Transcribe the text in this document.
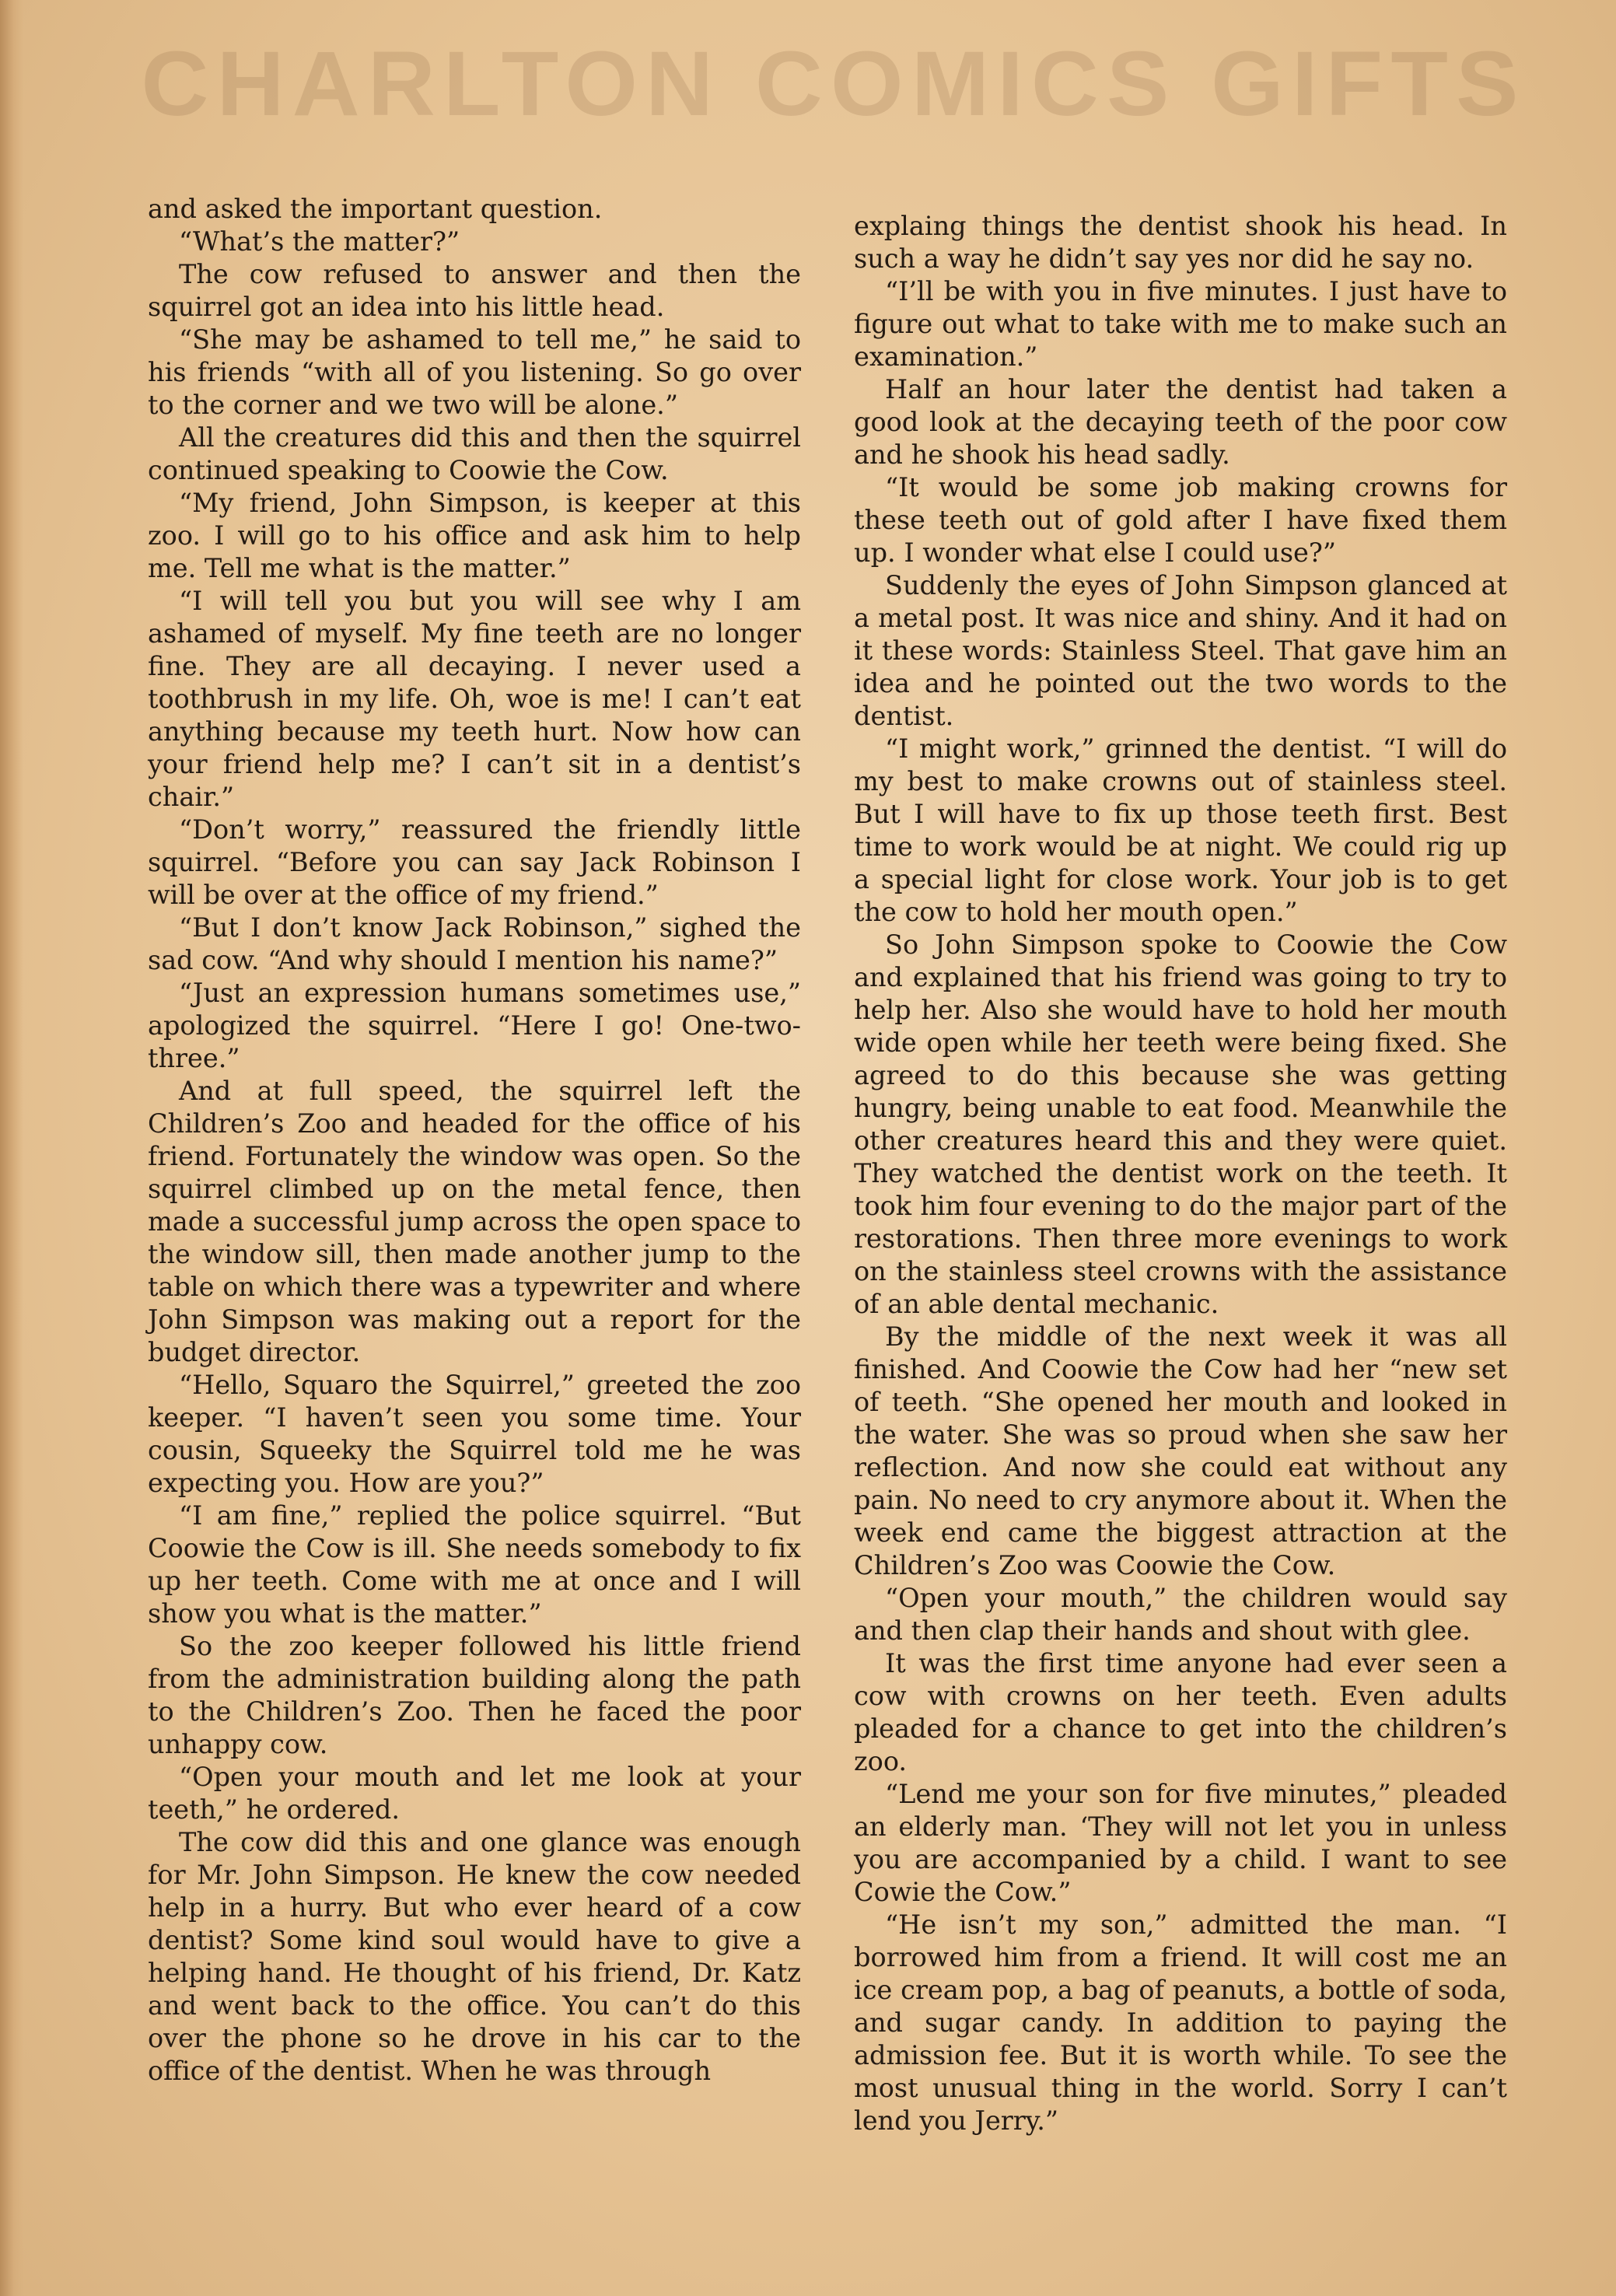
CHARLTON COMICS GIFTS

and asked the important question.

“What’s the matter?”

The cow refused to answer and then the squirrel got an idea into his little head.

“She may be ashamed to tell me,” he said to his friends “with all of you listening. So go over to the corner and we two will be alone.”

All the creatures did this and then the squirrel continued speaking to Coowie the Cow.

“My friend, John Simpson, is keeper at this zoo. I will go to his office and ask him to help me. Tell me what is the matter.”

“I will tell you but you will see why I am ashamed of myself. My fine teeth are no longer fine. They are all decaying. I never used a toothbrush in my life. Oh, woe is me! I can’t eat anything because my teeth hurt. Now how can your friend help me? I can’t sit in a dentist’s chair.”

“Don’t worry,” reassured the friendly little squirrel. “Before you can say Jack Robinson I will be over at the office of my friend.”

“But I don’t know Jack Robinson,” sighed the sad cow. “And why should I mention his name?”

“Just an expression humans sometimes use,” apologized the squirrel. “Here I go! One-two-three.”

And at full speed, the squirrel left the Children’s Zoo and headed for the office of his friend. Fortunately the window was open. So the squirrel climbed up on the metal fence, then made a successful jump across the open space to the window sill, then made another jump to the table on which there was a typewriter and where John Simpson was making out a report for the budget director.

“Hello, Squaro the Squirrel,” greeted the zoo keeper. “I haven’t seen you some time. Your cousin, Squeeky the Squirrel told me he was expecting you. How are you?”

“I am fine,” replied the police squirrel. “But Coowie the Cow is ill. She needs somebody to fix up her teeth. Come with me at once and I will show you what is the matter.”

So the zoo keeper followed his little friend from the administration building along the path to the Children’s Zoo. Then he faced the poor unhappy cow.

“Open your mouth and let me look at your teeth,” he ordered.

The cow did this and one glance was enough for Mr. John Simpson. He knew the cow needed help in a hurry. But who ever heard of a cow dentist? Some kind soul would have to give a helping hand. He thought of his friend, Dr. Katz and went back to the office. You can’t do this over the phone so he drove in his car to the office of the dentist. When he was through

explaing things the dentist shook his head. In such a way he didn’t say yes nor did he say no.

“I’ll be with you in five minutes. I just have to figure out what to take with me to make such an examination.”

Half an hour later the dentist had taken a good look at the decaying teeth of the poor cow and he shook his head sadly.

“It would be some job making crowns for these teeth out of gold after I have fixed them up. I wonder what else I could use?”

Suddenly the eyes of John Simpson glanced at a metal post. It was nice and shiny. And it had on it these words: Stainless Steel. That gave him an idea and he pointed out the two words to the dentist.

“I might work,” grinned the dentist. “I will do my best to make crowns out of stainless steel. But I will have to fix up those teeth first. Best time to work would be at night. We could rig up a special light for close work. Your job is to get the cow to hold her mouth open.”

So John Simpson spoke to Coowie the Cow and explained that his friend was going to try to help her. Also she would have to hold her mouth wide open while her teeth were being fixed. She agreed to do this because she was getting hungry, being unable to eat food. Meanwhile the other creatures heard this and they were quiet. They watched the dentist work on the teeth. It took him four evening to do the major part of the restorations. Then three more evenings to work on the stainless steel crowns with the assistance of an able dental mechanic.

By the middle of the next week it was all finished. And Coowie the Cow had her “new set of teeth. “She opened her mouth and looked in the water. She was so proud when she saw her reflection. And now she could eat without any pain. No need to cry anymore about it. When the week end came the biggest attraction at the Children’s Zoo was Coowie the Cow.

“Open your mouth,” the children would say and then clap their hands and shout with glee.

It was the first time anyone had ever seen a cow with crowns on her teeth. Even adults pleaded for a chance to get into the children’s zoo.

“Lend me your son for five minutes,” pleaded an elderly man. ‘They will not let you in unless you are accompanied by a child. I want to see Cowie the Cow.”

“He isn’t my son,” admitted the man. “I borrowed him from a friend. It will cost me an ice cream pop, a bag of peanuts, a bottle of soda, and sugar candy. In addition to paying the admission fee. But it is worth while. To see the most unusual thing in the world. Sorry I can’t lend you Jerry.”
